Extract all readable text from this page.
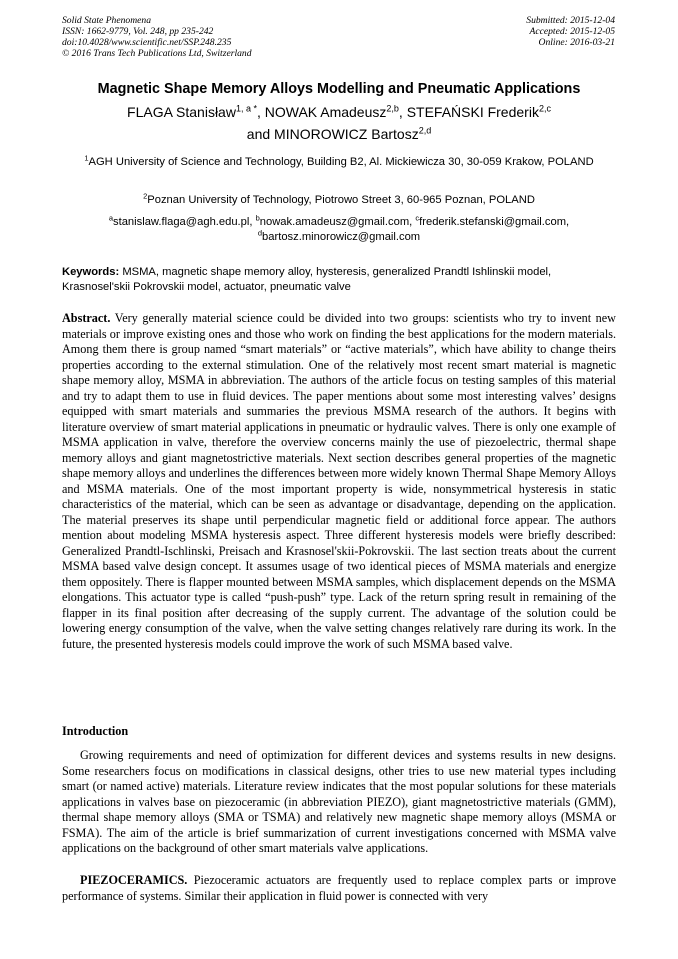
Solid State Phenomena
ISSN: 1662-9779, Vol. 248, pp 235-242
doi:10.4028/www.scientific.net/SSP.248.235
© 2016 Trans Tech Publications Ltd, Switzerland
Submitted: 2015-12-04
Accepted: 2015-12-05
Online: 2016-03-21
Magnetic Shape Memory Alloys Modelling and Pneumatic Applications
FLAGA Stanisław$^{1, a *}$, NOWAK Amadeusz$^{2,b}$, STEFAŃSKI Frederik$^{2,c}$
and MINOROWICZ Bartosz$^{2,d}$
$^1$AGH University of Science and Technology, Building B2, Al. Mickiewicza 30, 30-059 Krakow, POLAND
$^2$Poznan University of Technology, Piotrowo Street 3, 60-965 Poznan, POLAND
$^a$stanislaw.flaga@agh.edu.pl, $^b$nowak.amadeusz@gmail.com, $^c$frederik.stefanski@gmail.com,
$^d$bartosz.minorowicz@gmail.com
Keywords: MSMA, magnetic shape memory alloy, hysteresis, generalized Prandtl Ishlinskii model, Krasnosel'skii Pokrovskii model, actuator, pneumatic valve
Abstract. Very generally material science could be divided into two groups: scientists who try to invent new materials or improve existing ones and those who work on finding the best applications for the modern materials. Among them there is group named “smart materials” or “active materials”, which have ability to change theirs properties according to the external stimulation. One of the relatively most recent smart material is magnetic shape memory alloy, MSMA in abbreviation. The authors of the article focus on testing samples of this material and try to adapt them to use in fluid devices. The paper mentions about some most interesting valves’ designs equipped with smart materials and summaries the previous MSMA research of the authors. It begins with literature overview of smart material applications in pneumatic or hydraulic valves. There is only one example of MSMA application in valve, therefore the overview concerns mainly the use of piezoelectric, thermal shape memory alloys and giant magnetostrictive materials. Next section describes general properties of the magnetic shape memory alloys and underlines the differences between more widely known Thermal Shape Memory Alloys and MSMA materials. One of the most important property is wide, nonsymmetrical hysteresis in static characteristics of the material, which can be seen as advantage or disadvantage, depending on the application. The material preserves its shape until perpendicular magnetic field or additional force appear. The authors mention about modeling MSMA hysteresis aspect. Three different hysteresis models were briefly described: Generalized Prandtl-Ischlinski, Preisach and Krasnosel'skii-Pokrovskii. The last section treats about the current MSMA based valve design concept. It assumes usage of two identical pieces of MSMA materials and energize them oppositely. There is flapper mounted between MSMA samples, which displacement depends on the MSMA elongations. This actuator type is called “push-push” type. Lack of the return spring result in remaining of the flapper in its final position after decreasing of the supply current. The advantage of the solution could be lowering energy consumption of the valve, when the valve setting changes relatively rare during its work. In the future, the presented hysteresis models could improve the work of such MSMA based valve.
Introduction
Growing requirements and need of optimization for different devices and systems results in new designs. Some researchers focus on modifications in classical designs, other tries to use new material types including smart (or named active) materials. Literature review indicates that the most popular solutions for these materials applications in valves base on piezoceramic (in abbreviation PIEZO), giant magnetostrictive materials (GMM), thermal shape memory alloys (SMA or TSMA) and relatively new magnetic shape memory alloys (MSMA or FSMA). The aim of the article is brief summarization of current investigations concerned with MSMA valve applications on the background of other smart materials valve applications.
PIEZOCERAMICS. Piezoceramic actuators are frequently used to replace complex parts or improve performance of systems. Similar their application in fluid power is connected with very
